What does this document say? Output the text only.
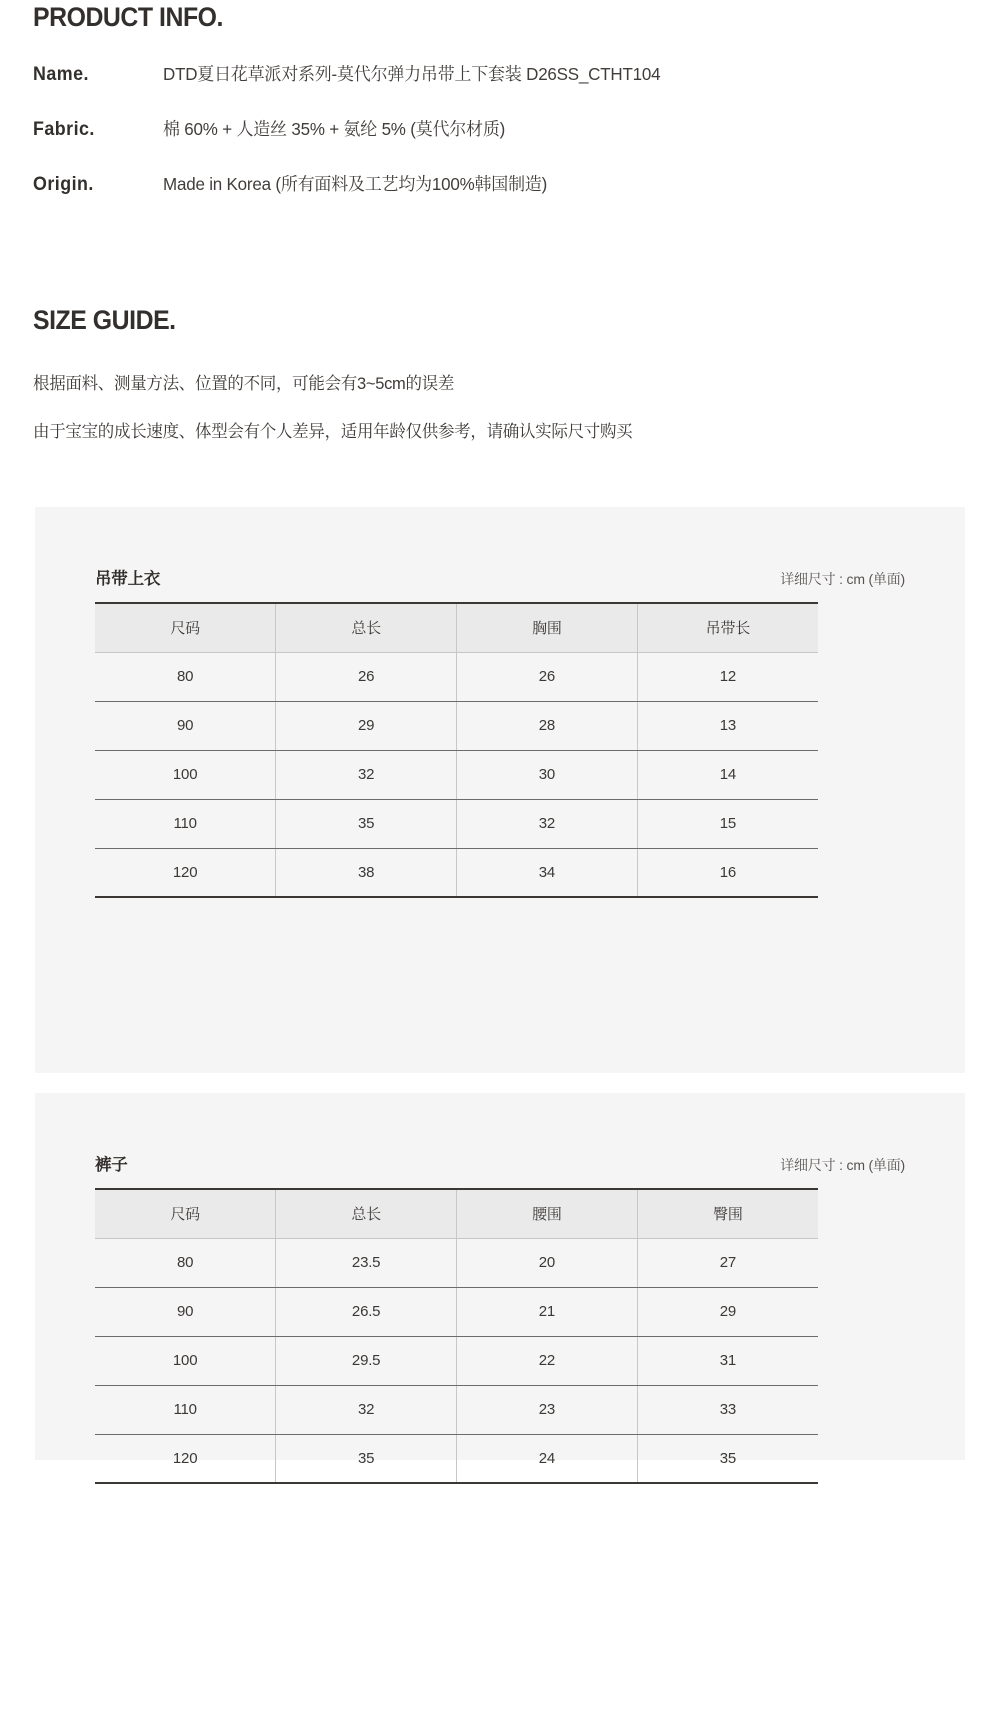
PRODUCT INFO.
Name.	DTD夏日花草派对系列-莫代尔弹力吊带上下套装 D26SS_CTHT104
Fabric.	棉 60% + 人造丝 35% + 氨纶 5% (莫代尔材质)
Origin.	Made in Korea (所有面料及工艺均为100%韩国制造)
SIZE GUIDE.

根据面料、测量方法、位置的不同，可能会有3~5cm的误差

由于宝宝的成长速度、体型会有个人差异，适用年龄仅供参考，请确认实际尺寸购买

吊带上衣	详细尺寸 : cm (单面)
尺码	总长	胸围	吊带长
80	26	26	12
90	29	28	13
100	32	30	14
110	35	32	15
120	38	34	16
裤子	详细尺寸 : cm (单面)
尺码	总长	腰围	臀围
80	23.5	20	27
90	26.5	21	29
100	29.5	22	31
110	32	23	33
120	35	24	35
